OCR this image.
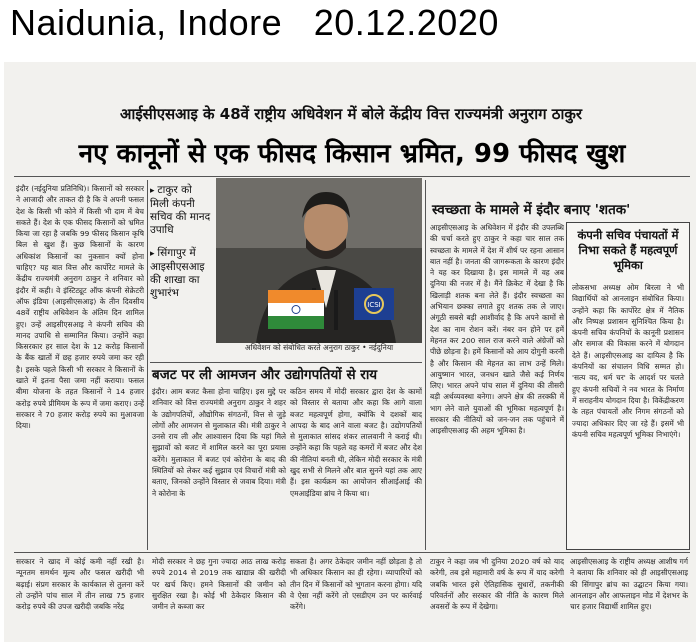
Naidunia, Indore   20.12.2020
आईसीएसआइ के 48वें राष्ट्रीय अधिवेशन में बोले केंद्रीय वित्त राज्यमंत्री अनुराग ठाकुर
नए कानूनों से एक फीसद किसान भ्रमित, 99 फीसद खुश

इंदौर (नईदुनिया प्रतिनिधि)। किसानों को सरकार ने आजादी और ताकत दी है कि वे अपनी फसल देश के किसी भी कोने में किसी भी दाम में बेच सकते हैं। देश के एक फीसद किसानों को भ्रमित किया जा रहा है जबकि 99 फीसद किसान कृषि बिल से खुश हैं। कुछ किसानों के कारण अधिकांश किसानों का नुकसान क्यों होना चाहिए? यह बात वित्त और कार्पोरेट मामले के केंद्रीय राज्यमंत्री अनुराग ठाकुर ने शनिवार को इंदौर में कही। वे इंस्टिट्यूट ऑफ कंपनी सेक्रेटरी ऑफ इंडिया (आइसीएसआइ) के तीन दिवसीय 48वें राष्ट्रीय अधिवेशन के अंतिम दिन शामिल हुए। उन्हें आइसीएसआइ ने कंपनी सचिव की मानद उपाधि से सम्मानित किया। उन्होंने कहा किसरकार हर साल देश के 12 करोड़ किसानों के बैंक खातों में छह हजार रुपये जमा कर रही है। इसके पहले किसी भी सरकार ने किसानों के खाते में इतना पैसा जमा नहीं कराया। फसल बीमा योजना के तहत किसानों ने 14 हजार करोड़ रुपये प्रीमियम के रूप में जमा कराए। उन्हें सरकार ने 70 हजार करोड़ रुपये का मुआवजा दिया।

▸ टाकुर को मिली कंपनी सचिव की मानद उपाधि
▸ सिंगापुर में आइसीएसआइ की शाखा का शुभारंभ
ICSI
अधिवेशन को संबोधित करते अनुराग ठाकुर • नईदुनिया
बजट पर ली आमजन और उद्योगपतियों से राय

इंदौर। आम बजट कैसा होना चाहिए। इस मुद्दे पर शनिवार को वित्त राज्यमंत्री अनुराग ठाकुर ने शहर के उद्योगपतियों, औद्योगिक संगठनों, वित्त से जुड़े लोगों और आमजन से मुलाकात की। मंत्री ठाकुर ने उनसे राय ली और आश्वासन दिया कि यहां मिले सुझावों को बजट में शामिल करने का पूरा प्रयास करेंगे। मुलाकात में बजट एवं कोरोना के बाद की स्थितियों को लेकर कई सुझाव एवं विचारों मंत्री को बताए, जिनको उन्होंने विस्तार से जवाब दिया। मंत्री ने कोरोना के

कठिन समय में मोदी सरकार द्वारा देश के कामों को विस्तार से बताया और कहा कि आगे वाला बजट महत्वपूर्ण होगा, क्योंकि ये दशकों बाद आपदा के बाद आने वाला बजट है। उद्योगपतियों से मुलाकात सांसद शंकर लालवानी ने कराई थी। उन्होंने कहा कि पहले वह कमरों में बजट और देश की नीतियां बनती थी, लेकिन मोदी सरकार के मंत्री खुद सभी से मिलने और बात सुनने यहां तक आए हैं। इस कार्यक्रम का आयोजन सीआईआई की एमआईडिया ब्रांच ने किया था।

स्वच्छता के मामले में इंदौर बनाए 'शतक'

आइसीएसआइ के अधिवेशन में इंदौर की उपलब्धि की चर्चा करते हुए ठाकुर ने कहा चार साल तक स्वच्छता के मामले में देश में शीर्ष पर रहना आसान बात नहीं है। जनता की जागरूकता के कारण इंदौर ने यह कर दिखाया है। इस मामले में वह अब दुनिया की नजर में है। मैंने क्रिकेट में देखा है कि खिलाड़ी शतक बना लेते हैं। इंदौर स्वच्छता का अभियान छक्का लगाते हुए शतक तक ले जाए। अंगूठी सबसे बड़ी आशीर्वाद है कि अपने कामों से देश का नाम रोशन करें। नंबर वन होने पर हमें मेहनत कर 200 साल राज करने वाले अंग्रेजों को पीछे छोड़ना है। हमें किसानों को आय दोगुनी करनी है और किसान की मेहनत का लाभ उन्हें मिले। आयुष्मान भारत, जनधन खाते जैसे कई निर्णय लिए। भारत अपने पांच साल में दुनिया की तीसरी बड़ी अर्थव्यवस्था बनेगा। अपने क्षेत्र की तरक्की में भाग लेने वाले युवाओं की भूमिका महत्वपूर्ण है। सरकार की नीतियों को जन-जन तक पहुंचाने में आइसीएसआइ की अहम भूमिका है।

कंपनी सचिव पंचायतों में निभा सकते हैं महत्वपूर्ण भूमिका

लोकसभा अध्यक्ष ओम बिरला ने भी विद्यार्थियों को आनलाइन संबोधित किया। उन्होंने कहा कि कार्पोरेट क्षेत्र में नैतिक और निष्पक्ष प्रशासन सुनिश्चित किया है। कंपनी सचिव कंपनियों के कानूनी प्रशासन और समाज की विकास करने में योगदान देते हैं। आइसीएसआइ का दायित्व है कि कंपनियों का संचालन विधि सम्मत हो। 'सत्य वद, धर्म चर' के आदर्श पर चलते हुए कंपनी सचिवों ने नव भारत के निर्माण में सराहनीय योगदान दिया है। विकेंद्रीकरण के तहत पंचायतों और निगम संगठनों को ज्यादा अधिकार दिए जा रहे हैं। इसमें भी कंपनी सचिव महत्वपूर्ण भूमिका निभाएंगे।

सरकार ने खाद में कोई कमी नहीं रखी है। न्यूनतम समर्थन मूल्य और फसल खरीदी भी बढ़ाई। संप्रग सरकार के कार्यकाल से तुलना करें तो उन्होंने पांच साल में तीन लाख 75 हजार करोड़ रुपये की उपज खरीदी जबकि नरेंद्र

मोदी सरकार ने छह गुना ज्यादा आठ लाख करोड़ रुपये 2014 से 2019 तक खाद्यान्न की खरीदी पर खर्च किए। हमने किसानों की जमीन को सुरक्षित रखा है। कोई भी ठेकेदार किसान की जमीन ले कब्जा कर

सकता है। अगर ठेकेदार जमीन नहीं छोड़ता है तो भी अधिकार किसान का ही रहेगा। व्यापारियों को तीन दिन में किसानों को भुगतान करना होगा। यदि वे ऐसा नहीं करेंगे तो एसडीएम उन पर कार्रवाई करेंगे।

टाकुर ने कहा जब भी दुनिया 2020 वर्ष को याद करेगी, तब इसे महामारी वर्ष के रूप में याद करेगी जबकि भारत इसे ऐतिहासिक सुधारों, तकनीकी परिवर्तनों और सरकार की नीति के कारण मिले अवसरों के रूप में देखेगा।

आइसीएसआइ के राष्ट्रीय अध्यक्ष आशीष गर्ग ने बताया कि शनिवार को ही आइसीएसआइ की सिंगापुर ब्रांच का उद्घाटन किया गया। आनलाइन और आफलाइन मोड में देशभर के चार हजार विद्यार्थी शामिल हुए।
